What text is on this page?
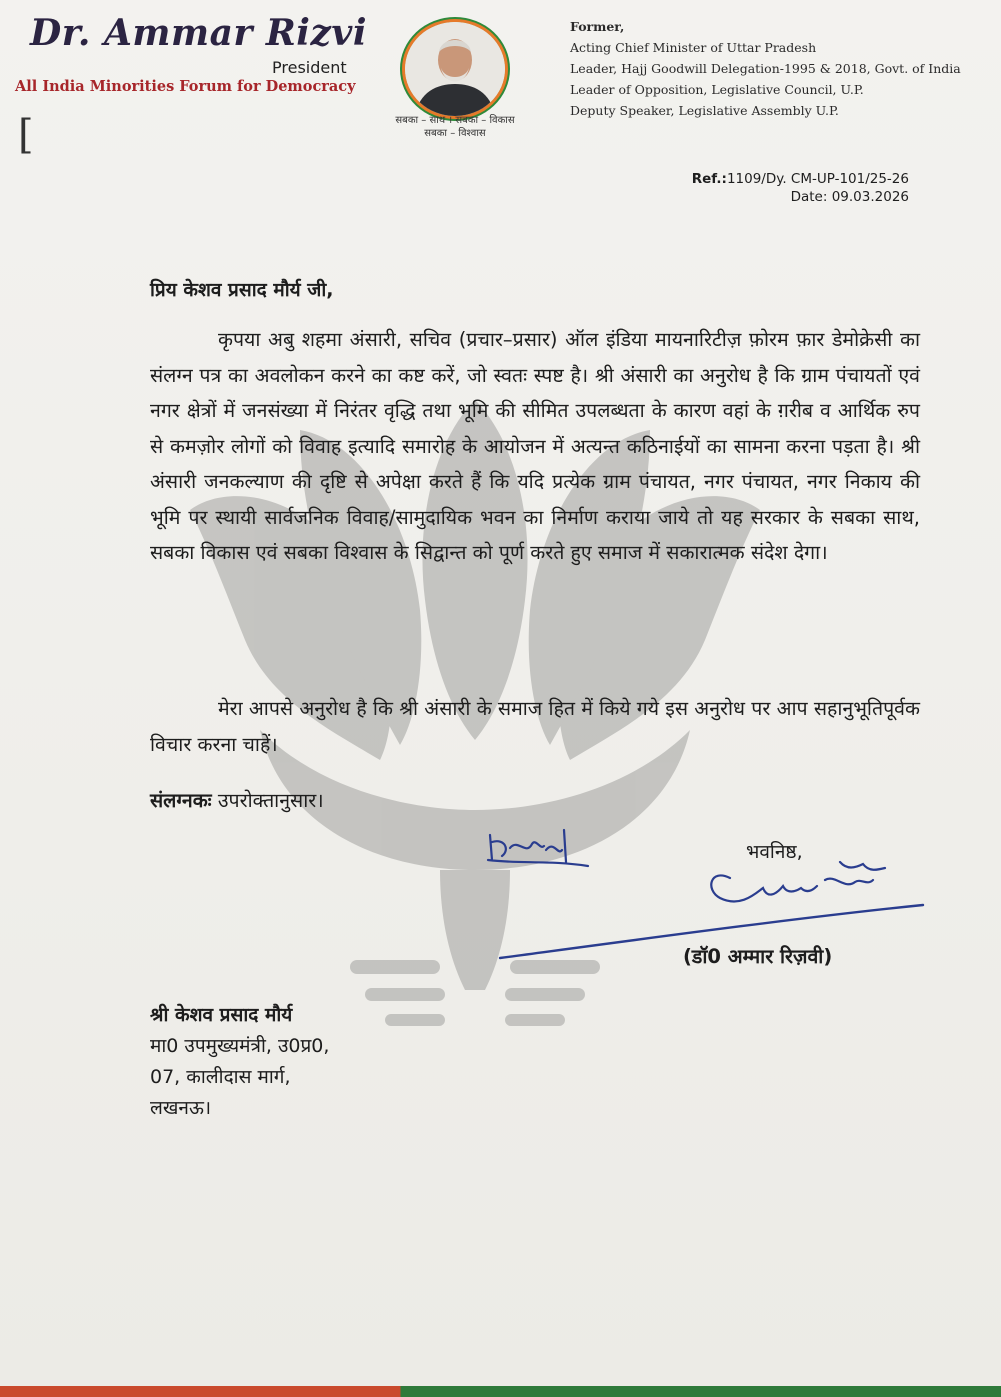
Dr. Ammar Rizvi
President
All India Minorities Forum for Democracy
[	सबका – साथ । सबका – विकास
सबका – विश्वास
Former,
Acting Chief Minister of Uttar Pradesh
Leader, Hajj Goodwill Delegation-1995 & 2018, Govt. of India
Leader of Opposition, Legislative Council, U.P.
Deputy Speaker, Legislative Assembly U.P.
Ref.:1109/Dy. CM-UP-101/25-26
Date: 09.03.2026
प्रिय केशव प्रसाद मौर्य जी,
कृपया अबु शहमा अंसारी, सचिव (प्रचार–प्रसार) ऑल इंडिया मायनारिटीज़ फ़ोरम फ़ार डेमोक्रेसी का संलग्न पत्र का अवलोकन करने का कष्ट करें, जो स्वतः स्पष्ट है। श्री अंसारी का अनुरोध है कि ग्राम पंचायतों एवं नगर क्षेत्रों में जनसंख्या में निरंतर वृद्धि तथा भूमि की सीमित उपलब्धता के कारण वहां के ग़रीब व आर्थिक रुप से कमज़ोर लोगों को विवाह इत्यादि समारोह के आयोजन में अत्यन्त कठिनाईयों का सामना करना पड़ता है। श्री अंसारी जनकल्याण की दृष्टि से अपेक्षा करते हैं कि यदि प्रत्येक ग्राम पंचायत, नगर पंचायत, नगर निकाय की भूमि पर स्थायी सार्वजनिक विवाह/सामुदायिक भवन का निर्माण कराया जाये तो यह सरकार के सबका साथ, सबका विकास एवं सबका विश्वास के सिद्वान्त को पूर्ण करते हुए समाज में सकारात्मक संदेश देगा।
मेरा आपसे अनुरोध है कि श्री अंसारी के समाज हित में किये गये इस अनुरोध पर आप सहानुभूतिपूर्वक विचार करना चाहें।
संलग्नकः उपरोक्तानुसार।
भवनिष्ठ,
(डॉ0 अम्मार रिज़वी)
श्री केशव प्रसाद मौर्य
मा0 उपमुख्यमंत्री, उ0प्र0,
07, कालीदास मार्ग,
लखनऊ।
